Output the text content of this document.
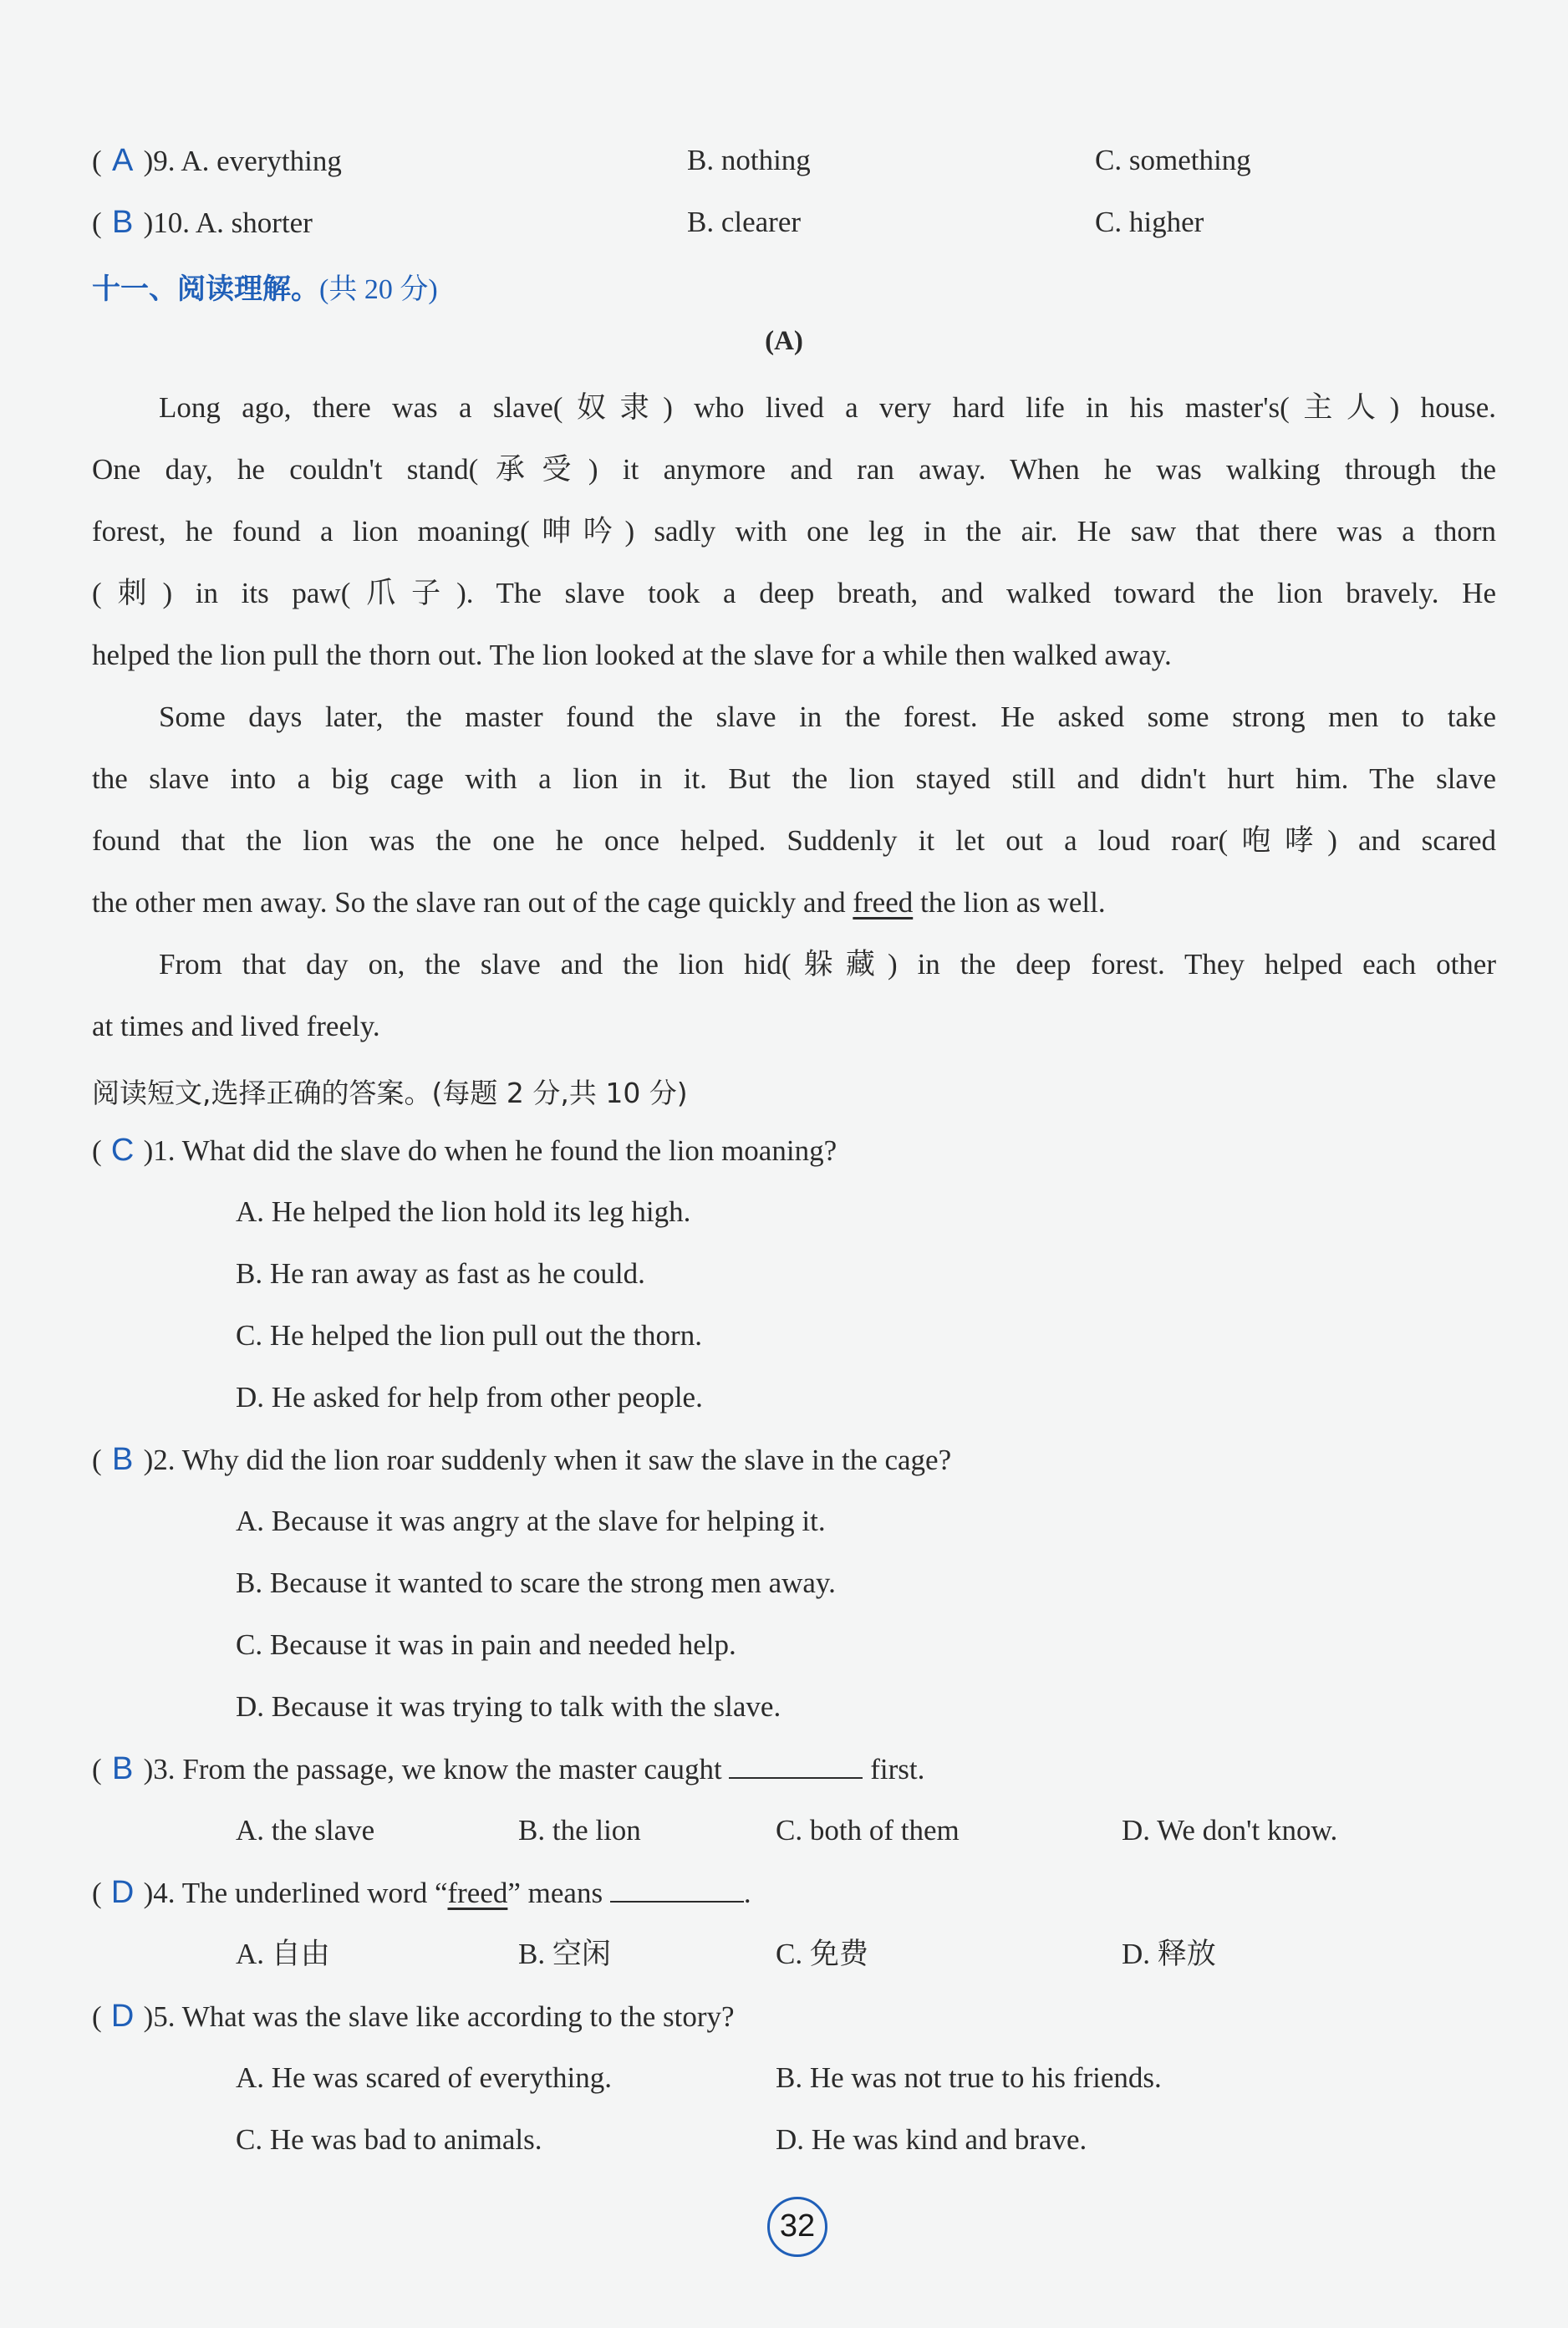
( A )9. A. everything	B. nothing	C. something
( B )10. A. shorter	B. clearer	C. higher
十一、阅读理解。(共 20 分)
(A)
Long ago, there was a slave(奴隶) who lived a very hard life in his master's(主人) house.
One day, he couldn't stand(承受) it anymore and ran away. When he was walking through the
forest, he found a lion moaning(呻吟) sadly with one leg in the air. He saw that there was a thorn
(刺) in its paw(爪子). The slave took a deep breath, and walked toward the lion bravely. He
helped the lion pull the thorn out. The lion looked at the slave for a while then walked away.
Some days later, the master found the slave in the forest. He asked some strong men to take
the slave into a big cage with a lion in it. But the lion stayed still and didn't hurt him. The slave
found that the lion was the one he once helped. Suddenly it let out a loud roar(咆哮) and scared
the other men away. So the slave ran out of the cage quickly and freed the lion as well.
From that day on, the slave and the lion hid(躲藏) in the deep forest. They helped each other
at times and lived freely.
阅读短文,选择正确的答案。(每题 2 分,共 10 分)
( C )1. What did the slave do when he found the lion moaning?
A. He helped the lion hold its leg high.
B. He ran away as fast as he could.
C. He helped the lion pull out the thorn.
D. He asked for help from other people.
( B )2. Why did the lion roar suddenly when it saw the slave in the cage?
A. Because it was angry at the slave for helping it.
B. Because it wanted to scare the strong men away.
C. Because it was in pain and needed help.
D. Because it was trying to talk with the slave.
( B )3. From the passage, we know the master caught	first.
A. the slave	B. the lion	C. both of them	D. We don't know.
( D )4. The underlined word “freed” means	.
A. 自由	B. 空闲	C. 免费	D. 释放
( D )5. What was the slave like according to the story?
A. He was scared of everything.	B. He was not true to his friends.
C. He was bad to animals.	D. He was kind and brave.
32
